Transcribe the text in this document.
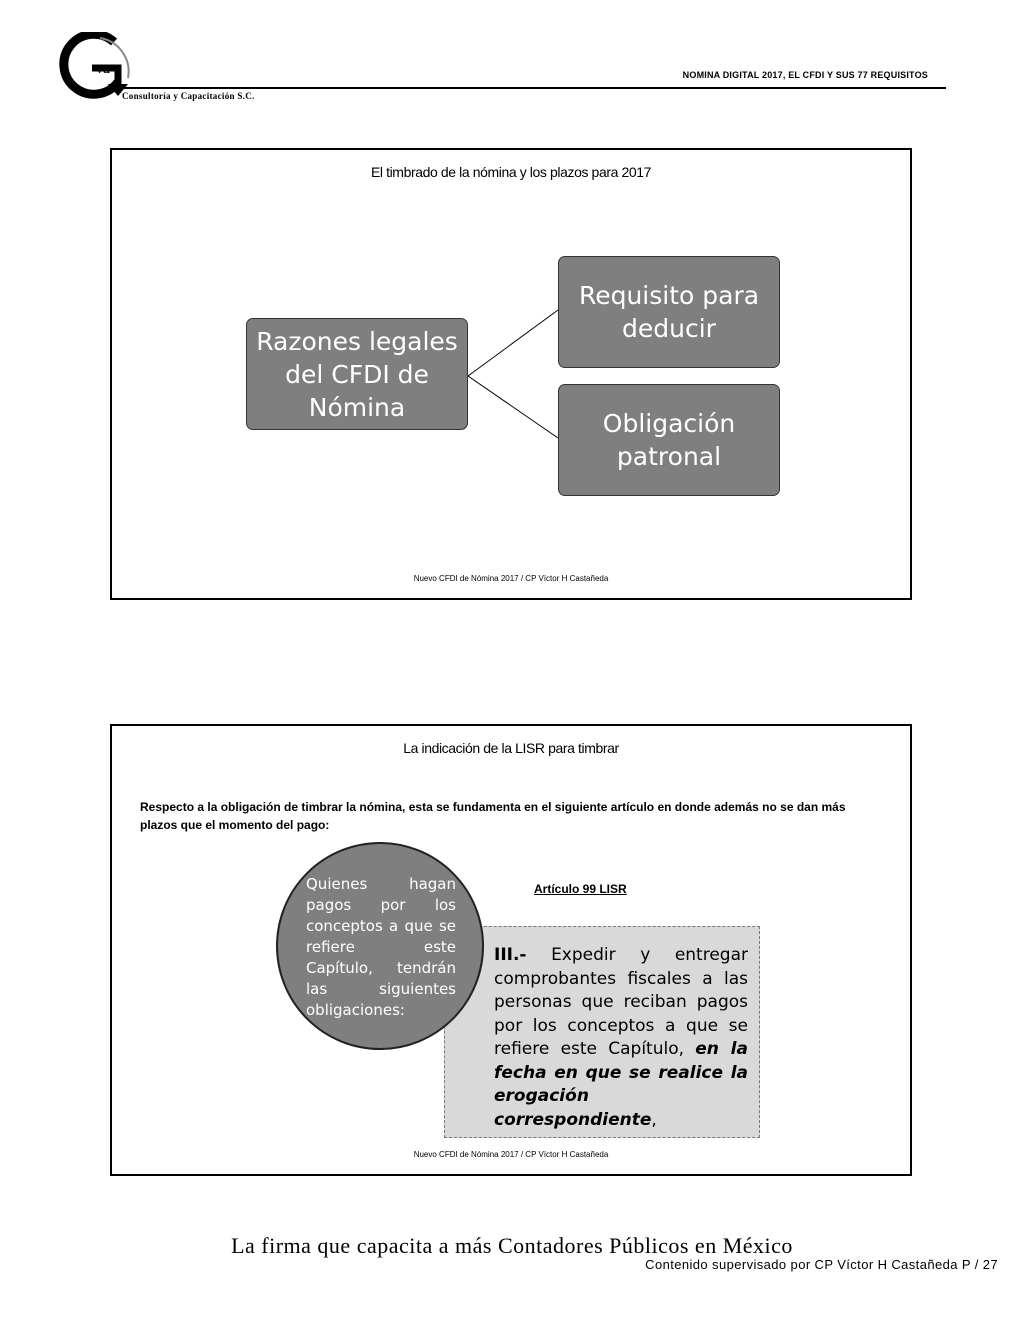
va
Consultoría y Capacitación S.C.
NOMINA DIGITAL 2017, EL CFDI Y SUS 77 REQUISITOS
El timbrado de la nómina y los plazos para 2017
Razones legales del CFDI de Nómina
Requisito para deducir
Obligación patronal
Nuevo CFDI de Nómina 2017 / CP Víctor H Castañeda
La indicación de la LISR para timbrar
Respecto a la obligación de timbrar la nómina, esta se fundamenta en el siguiente artículo en donde además no se dan más plazos que el momento del pago:
Quienes hagan pagos por los conceptos a que se refiere este Capítulo, tendrán las siguientes obligaciones:
Artículo 99 LISR
III.- Expedir y entregar comprobantes fiscales a las personas que reciban pagos por los conceptos a que se refiere este Capítulo, en la fecha en que se realice la erogación correspondiente,
Nuevo CFDI de Nómina 2017 / CP Víctor H Castañeda
La firma que capacita a más Contadores Públicos en México
Contenido supervisado por CP Víctor H Castañeda P / 27
